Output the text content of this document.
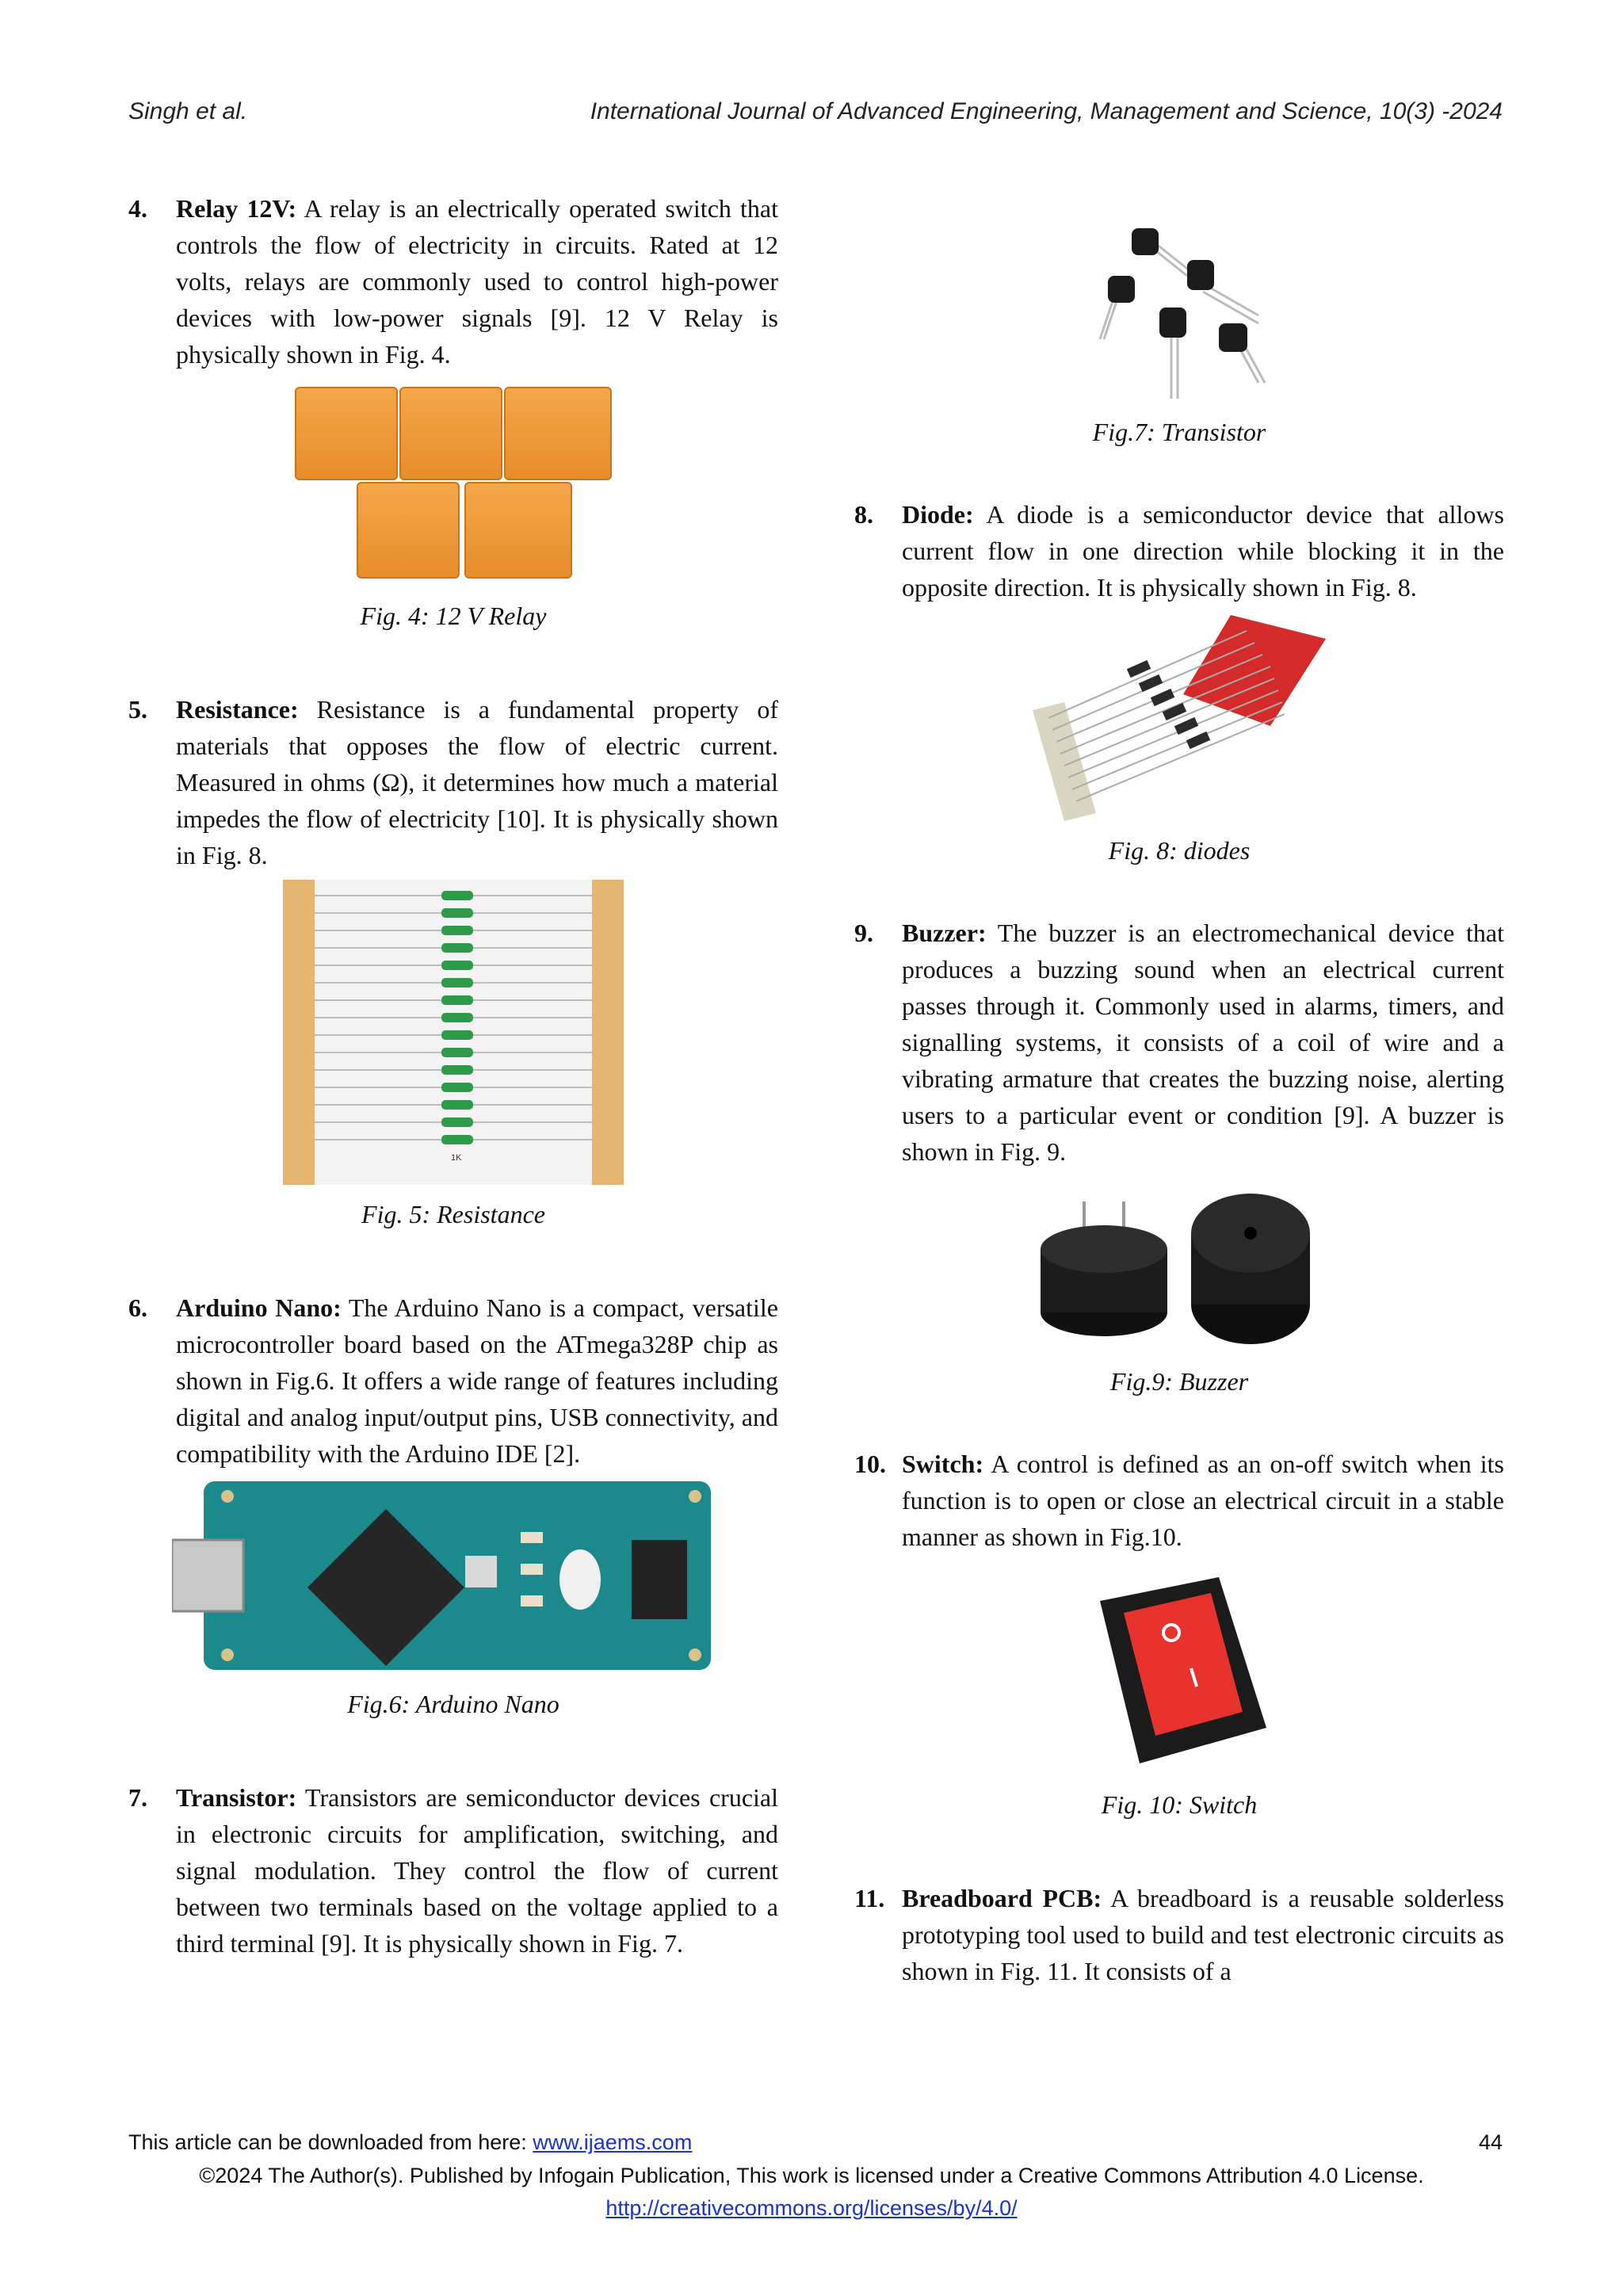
Singh et al.	International Journal of Advanced Engineering, Management and Science, 10(3) -2024
4. Relay 12V: A relay is an electrically operated switch that controls the flow of electricity in circuits. Rated at 12 volts, relays are commonly used to control high-power devices with low-power signals [9]. 12 V Relay is physically shown in Fig. 4.
Fig. 4: 12 V Relay
5. Resistance: Resistance is a fundamental property of materials that opposes the flow of electric current. Measured in ohms (Ω), it determines how much a material impedes the flow of electricity [10]. It is physically shown in Fig. 8.
1K
Fig. 5: Resistance
6. Arduino Nano: The Arduino Nano is a compact, versatile microcontroller board based on the ATmega328P chip as shown in Fig.6. It offers a wide range of features including digital and analog input/output pins, USB connectivity, and compatibility with the Arduino IDE [2].
Fig.6: Arduino Nano
7. Transistor: Transistors are semiconductor devices crucial in electronic circuits for amplification, switching, and signal modulation. They control the flow of current between two terminals based on the voltage applied to a third terminal [9]. It is physically shown in Fig. 7.
Fig.7: Transistor
8. Diode: A diode is a semiconductor device that allows current flow in one direction while blocking it in the opposite direction. It is physically shown in Fig. 8.
Fig. 8: diodes
9. Buzzer: The buzzer is an electromechanical device that produces a buzzing sound when an electrical current passes through it. Commonly used in alarms, timers, and signalling systems, it consists of a coil of wire and a vibrating armature that creates the buzzing noise, alerting users to a particular event or condition [9]. A buzzer is shown in Fig. 9.
Fig.9: Buzzer
10. Switch: A control is defined as an on-off switch when its function is to open or close an electrical circuit in a stable manner as shown in Fig.10.
Fig. 10: Switch
11. Breadboard PCB: A breadboard is a reusable solderless prototyping tool used to build and test electronic circuits as shown in Fig. 11. It consists of a
This article can be downloaded from here: www.ijaems.com	44
©2024 The Author(s). Published by Infogain Publication, This work is licensed under a Creative Commons Attribution 4.0 License.
http://creativecommons.org/licenses/by/4.0/
